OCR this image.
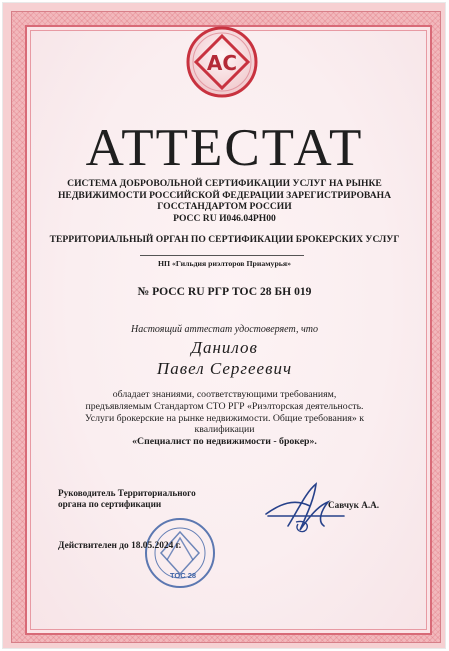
АС
АТТЕСТАТ
СИСТЕМА ДОБРОВОЛЬНОЙ СЕРТИФИКАЦИИ УСЛУГ НА РЫНКЕ
НЕДВИЖИМОСТИ РОССИЙСКОЙ ФЕДЕРАЦИИ ЗАРЕГИСТРИРОВАНА
ГОССТАНДАРТОМ РОССИИ
РОСС RU И046.04РН00
ТЕРРИТОРИАЛЬНЫЙ ОРГАН ПО СЕРТИФИКАЦИИ БРОКЕРСКИХ УСЛУГ
НП «Гильдия риэлторов Приамурья»
№ РОСС RU РГР ТОС 28 БН 019
Настоящий аттестат удостоверяет, что
Данилов
Павел Сергеевич
обладает знаниями, соответствующими требованиям,
предъявляемым Стандартом СТО РГР «Риэлторская деятельность.
Услуги брокерские на рынке недвижимости. Общие требования» к
квалификации
«Специалист по недвижимости - брокер».
Руководитель Территориального
органа по сертификации	Савчук А.А.
ТОС 28
Действителен до 18.05.2024 г.
